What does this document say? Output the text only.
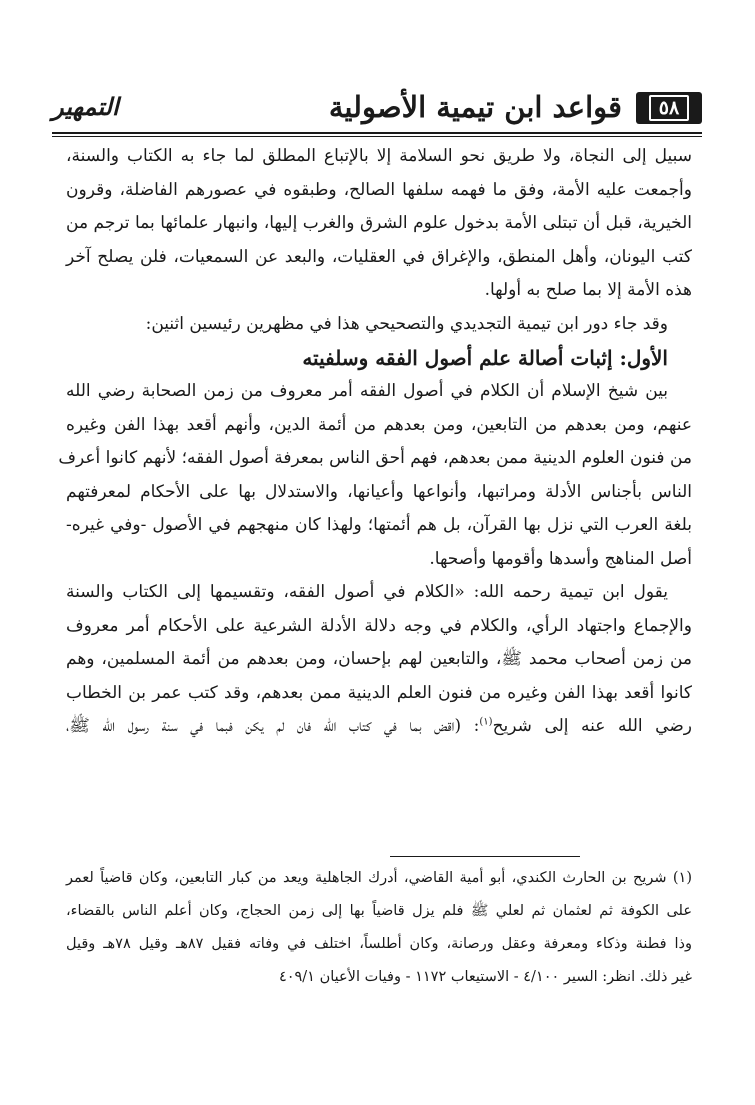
٥٨
قواعد ابن تيمية الأصولية
التمهير
سبيل إلى النجاة، ولا طريق نحو السلامة إلا بالإتباع المطلق لما جاء به الكتاب والسنة،
وأجمعت عليه الأمة، وفق ما فهمه سلفها الصالح، وطبقوه في عصورهم الفاضلة، وقرون
الخيرية، قبل أن تبتلى الأمة بدخول علوم الشرق والغرب إليها، وانبهار علمائها بما ترجم من
كتب اليونان، وأهل المنطق، والإغراق في العقليات، والبعد عن السمعيات، فلن يصلح آخر
هذه الأمة إلا بما صلح به أولها.
وقد جاء دور ابن تيمية التجديدي والتصحيحي هذا في مظهرين رئيسين اثنين:
الأول: إثبات أصالة علم أصول الفقه وسلفيته
بين شيخ الإسلام أن الكلام في أصول الفقه أمر معروف من زمن الصحابة رضي الله
عنهم، ومن بعدهم من التابعين، ومن بعدهم من أئمة الدين، وأنهم أقعد بهذا الفن وغيره
من فنون العلوم الدينية ممن بعدهم، فهم أحق الناس بمعرفة أصول الفقه؛ لأنهم كانوا أعرف
الناس بأجناس الأدلة ومراتبها، وأنواعها وأعيانها، والاستدلال بها على الأحكام لمعرفتهم
بلغة العرب التي نزل بها القرآن، بل هم أئمتها؛ ولهذا كان منهجهم في الأصول -وفي غيره-
أصل المناهج وأسدها وأقومها وأصحها.
يقول ابن تيمية رحمه الله: «الكلام في أصول الفقه، وتقسيمها إلى الكتاب والسنة
والإجماع واجتهاد الرأي، والكلام في وجه دلالة الأدلة الشرعية على الأحكام أمر معروف
من زمن أصحاب محمد ﷺ، والتابعين لهم بإحسان، ومن بعدهم من أئمة المسلمين، وهم
كانوا أقعد بهذا الفن وغيره من فنون العلم الدينية ممن بعدهم، وقد كتب عمر بن الخطاب
رضي الله عنه إلى شريح$^{(١)}$: (اقض بما في كتاب الله فان لم يكن فبما في سنة رسول الله ﷺ،
(١) شريح بن الحارث الكندي، أبو أمية القاضي، أدرك الجاهلية ويعد من كبار التابعين، وكان قاضياً لعمر
على الكوفة ثم لعثمان ثم لعلي ﷺ فلم يزل قاضياً بها إلى زمن الحجاج، وكان أعلم الناس بالقضاء،
وذا فطنة وذكاء ومعرفة وعقل ورصانة، وكان أطلساً، اختلف في وفاته فقيل ٨٧هـ وقيل ٧٨هـ وقيل
غير ذلك. انظر: السير ٤/١٠٠ - الاستيعاب ١١٧٢ - وفيات الأعيان ٤٠٩/١
